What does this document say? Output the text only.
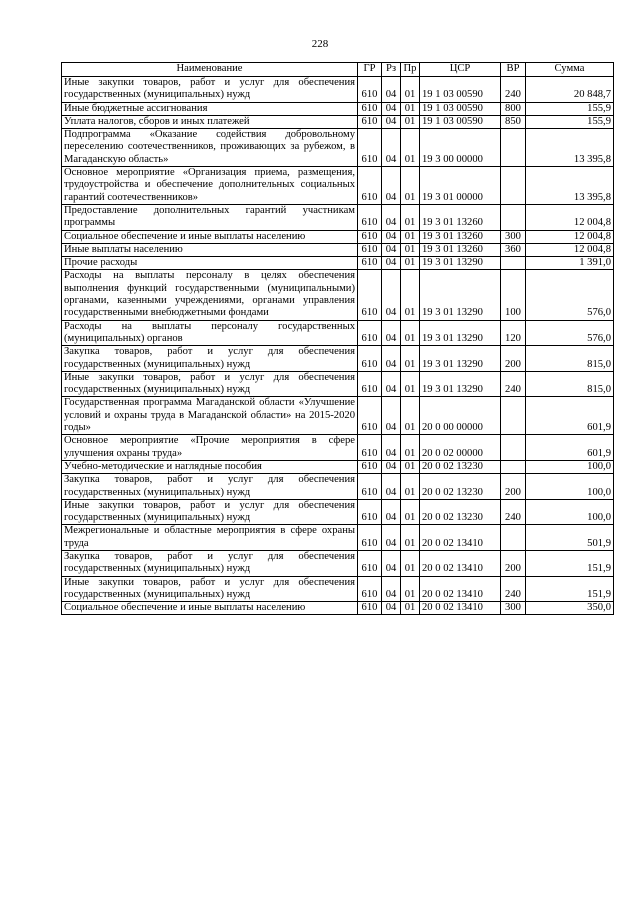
228
Наименование	ГР	Рз	Пр	ЦСР	ВР	Сумма
Иные закупки товаров, работ и услуг для обеспечения государственных (муниципальных) нужд	610	04	01	19 1 03 00590	240	20 848,7
Иные бюджетные ассигнования	610	04	01	19 1 03 00590	800	155,9
Уплата налогов, сборов и иных платежей	610	04	01	19 1 03 00590	850	155,9
Подпрограмма «Оказание содействия добровольному переселению соотечественников, проживающих за рубежом, в Магаданскую область»	610	04	01	19 3 00 00000		13 395,8
Основное мероприятие «Организация приема, размещения, трудоустройства и обеспечение дополнительных социальных гарантий соотечественников»	610	04	01	19 3 01 00000		13 395,8
Предоставление дополнительных гарантий участникам программы	610	04	01	19 3 01 13260		12 004,8
Социальное обеспечение и иные выплаты населению	610	04	01	19 3 01 13260	300	12 004,8
Иные выплаты населению	610	04	01	19 3 01 13260	360	12 004,8
Прочие расходы	610	04	01	19 3 01 13290		1 391,0
Расходы на выплаты персоналу в целях обеспечения выполнения функций государственными (муниципальными) органами, казенными учреждениями, органами управления государственными внебюджетными фондами	610	04	01	19 3 01 13290	100	576,0
Расходы на выплаты персоналу государственных (муниципальных) органов	610	04	01	19 3 01 13290	120	576,0
Закупка товаров, работ и услуг для обеспечения государственных (муниципальных) нужд	610	04	01	19 3 01 13290	200	815,0
Иные закупки товаров, работ и услуг для обеспечения государственных (муниципальных) нужд	610	04	01	19 3 01 13290	240	815,0
Государственная программа Магаданской области «Улучшение условий и охраны труда в Магаданской области» на 2015-2020 годы»	610	04	01	20 0 00 00000		601,9
Основное мероприятие «Прочие мероприятия в сфере улучшения охраны труда»	610	04	01	20 0 02 00000		601,9
Учебно-методические и наглядные пособия	610	04	01	20 0 02 13230		100,0
Закупка товаров, работ и услуг для обеспечения государственных (муниципальных) нужд	610	04	01	20 0 02 13230	200	100,0
Иные закупки товаров, работ и услуг для обеспечения государственных (муниципальных) нужд	610	04	01	20 0 02 13230	240	100,0
Межрегиональные и областные мероприятия в сфере охраны труда	610	04	01	20 0 02 13410		501,9
Закупка товаров, работ и услуг для обеспечения государственных (муниципальных) нужд	610	04	01	20 0 02 13410	200	151,9
Иные закупки товаров, работ и услуг для обеспечения государственных (муниципальных) нужд	610	04	01	20 0 02 13410	240	151,9
Социальное обеспечение и иные выплаты населению	610	04	01	20 0 02 13410	300	350,0
